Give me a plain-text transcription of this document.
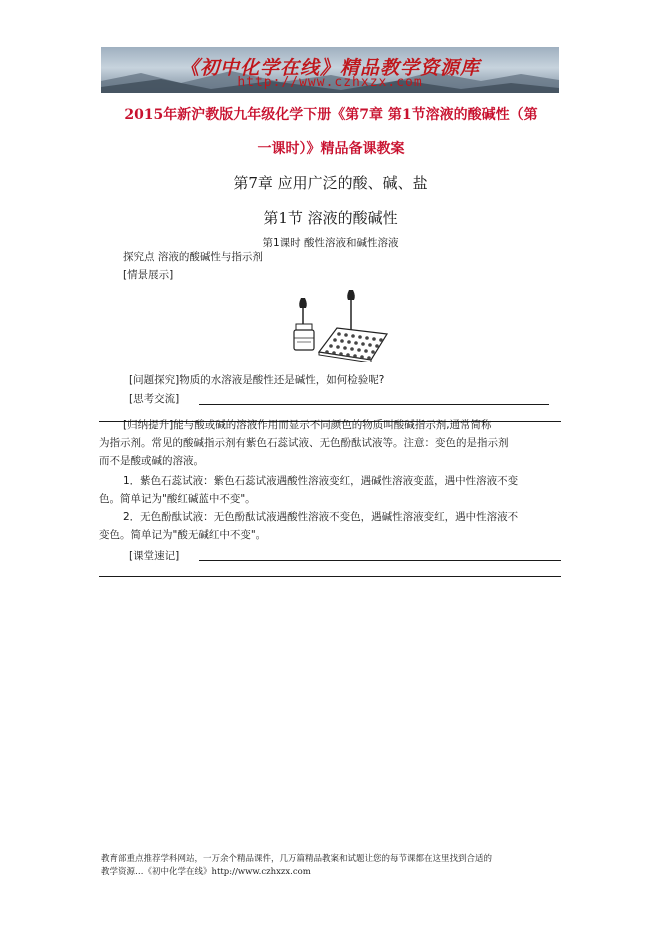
《初中化学在线》精品教学资源库
http://www.czhxzx.com
2015年新沪教版九年级化学下册《第7章 第1节溶液的酸碱性（第
一课时）》精品备课教案
第7章 应用广泛的酸、碱、盐
第1节 溶液的酸碱性
第1课时 酸性溶液和碱性溶液
探究点 溶液的酸碱性与指示剂
[情景展示]
[问题探究]物质的水溶液是酸性还是碱性，如何检验呢?
[思考交流]
[归纳提升]能与酸或碱的溶液作用而显示不同颜色的物质叫酸碱指示剂,通常简称
为指示剂。常见的酸碱指示剂有紫色石蕊试液、无色酚酞试液等。注意：变色的是指示剂
而不是酸或碱的溶液。
1．紫色石蕊试液：紫色石蕊试液遇酸性溶液变红，遇碱性溶液变蓝，遇中性溶液不变
色。简单记为"酸红碱蓝中不变"。
2．无色酚酞试液：无色酚酞试液遇酸性溶液不变色，遇碱性溶液变红，遇中性溶液不
变色。简单记为"酸无碱红中不变"。
[课堂速记]
教育部重点推荐学科网站，一万余个精品课件，几万篇精品教案和试题让您的每节课都在这里找到合适的
教学资源…《初中化学在线》http://www.czhxzx.com
